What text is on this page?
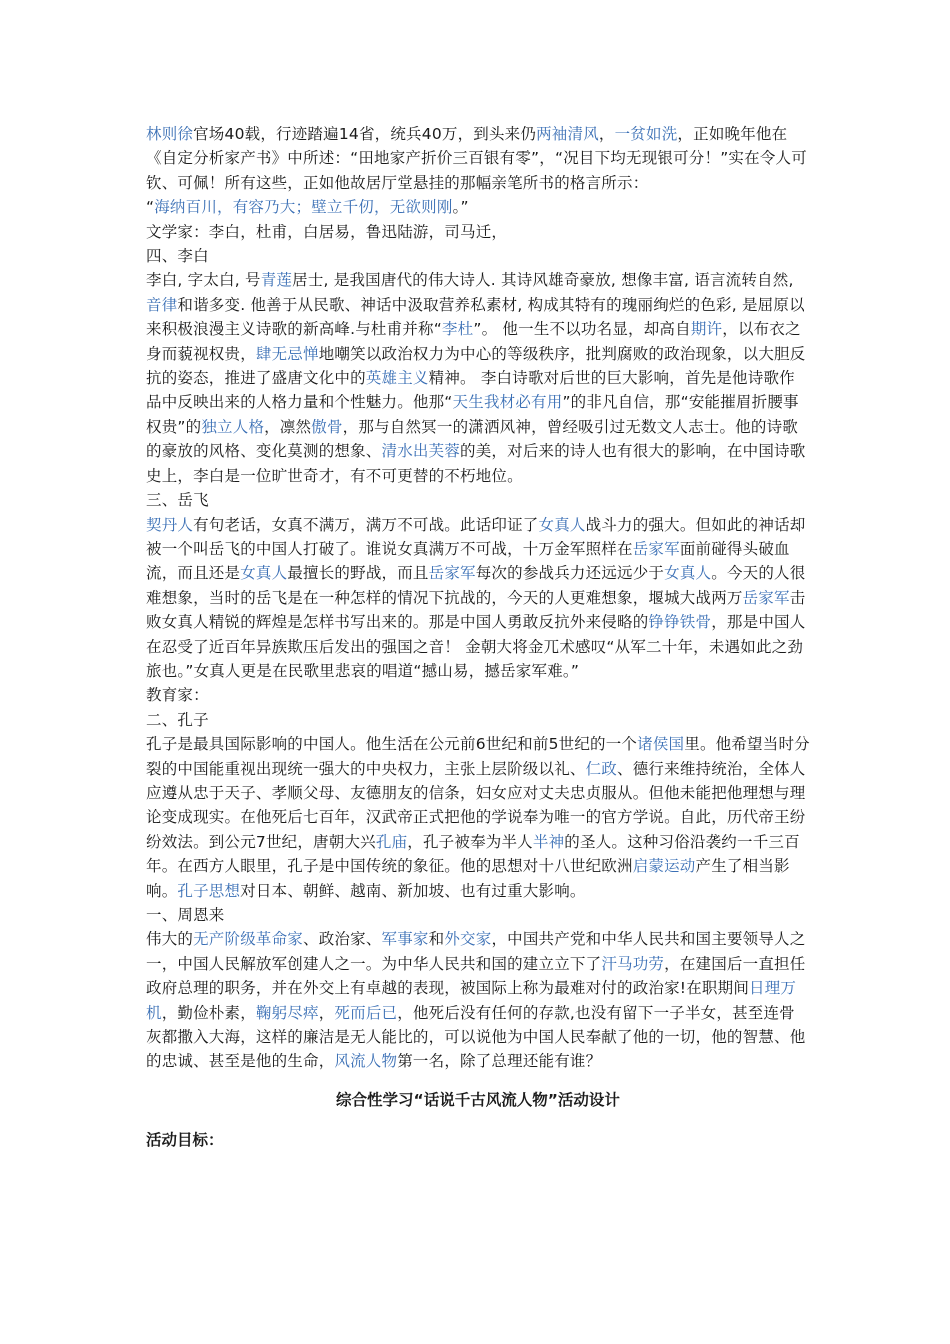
林则徐官场40载，行迹踏遍14省，统兵40万，到头来仍两袖清风，一贫如洗，正如晚年他在《自定分析家产书》中所述：“田地家产折价三百银有零”，“况目下均无现银可分！”实在令人可钦、可佩！所有这些，正如他故居厅堂悬挂的那幅亲笔所书的格言所示：
“海纳百川，有容乃大；壁立千仞，无欲则刚。”
文学家：李白，杜甫，白居易，鲁迅陆游，司马迁，
四、李白
李白, 字太白, 号青莲居士, 是我国唐代的伟大诗人. 其诗风雄奇豪放, 想像丰富, 语言流转自然, 音律和谐多变. 他善于从民歌、神话中汲取营养私素材, 构成其特有的瑰丽绚烂的色彩, 是屈原以来积极浪漫主义诗歌的新高峰.与杜甫并称“李杜”。 他一生不以功名显，却高自期许，以布衣之身而藐视权贵，肆无忌惮地嘲笑以政治权力为中心的等级秩序，批判腐败的政治现象，以大胆反抗的姿态，推进了盛唐文化中的英雄主义精神。 李白诗歌对后世的巨大影响，首先是他诗歌作品中反映出来的人格力量和个性魅力。他那“天生我材必有用”的非凡自信，那“安能摧眉折腰事权贵”的独立人格，凛然傲骨，那与自然冥一的潇洒风神，曾经吸引过无数文人志士。他的诗歌的豪放的风格、变化莫测的想象、清水出芙蓉的美，对后来的诗人也有很大的影响，在中国诗歌史上，李白是一位旷世奇才，有不可更替的不朽地位。
三、岳飞
契丹人有句老话，女真不满万，满万不可战。此话印证了女真人战斗力的强大。但如此的神话却被一个叫岳飞的中国人打破了。谁说女真满万不可战，十万金军照样在岳家军面前碰得头破血流，而且还是女真人最擅长的野战，而且岳家军每次的参战兵力还远远少于女真人。今天的人很难想象，当时的岳飞是在一种怎样的情况下抗战的，今天的人更难想象，堰城大战两万岳家军击败女真人精锐的辉煌是怎样书写出来的。那是中国人勇敢反抗外来侵略的铮铮铁骨，那是中国人在忍受了近百年异族欺压后发出的强国之音！ 金朝大将金兀术感叹“从军二十年，未遇如此之劲旅也。”女真人更是在民歌里悲哀的唱道“撼山易，撼岳家军难。”
教育家：
二、孔子
孔子是最具国际影响的中国人。他生活在公元前6世纪和前5世纪的一个诸侯国里。他希望当时分裂的中国能重视出现统一强大的中央权力，主张上层阶级以礼、仁政、德行来维持统治，全体人应遵从忠于天子、孝顺父母、友德朋友的信条，妇女应对丈夫忠贞服从。但他未能把他理想与理论变成现实。在他死后七百年，汉武帝正式把他的学说奉为唯一的官方学说。自此，历代帝王纷纷效法。到公元7世纪，唐朝大兴孔庙，孔子被奉为半人半神的圣人。这种习俗沿袭约一千三百年。在西方人眼里，孔子是中国传统的象征。他的思想对十八世纪欧洲启蒙运动产生了相当影响。孔子思想对日本、朝鲜、越南、新加坡、也有过重大影响。
一、周恩来
伟大的无产阶级革命家、政治家、军事家和外交家，中国共产党和中华人民共和国主要领导人之一，中国人民解放军创建人之一。为中华人民共和国的建立立下了汗马功劳，在建国后一直担任政府总理的职务，并在外交上有卓越的表现，被国际上称为最难对付的政治家!在职期间日理万机，勤俭朴素，鞠躬尽瘁，死而后已，他死后没有任何的存款,也没有留下一子半女，甚至连骨灰都撒入大海，这样的廉洁是无人能比的，可以说他为中国人民奉献了他的一切，他的智慧、他的忠诚、甚至是他的生命，风流人物第一名，除了总理还能有谁？
综合性学习“话说千古风流人物”活动设计
活动目标：
